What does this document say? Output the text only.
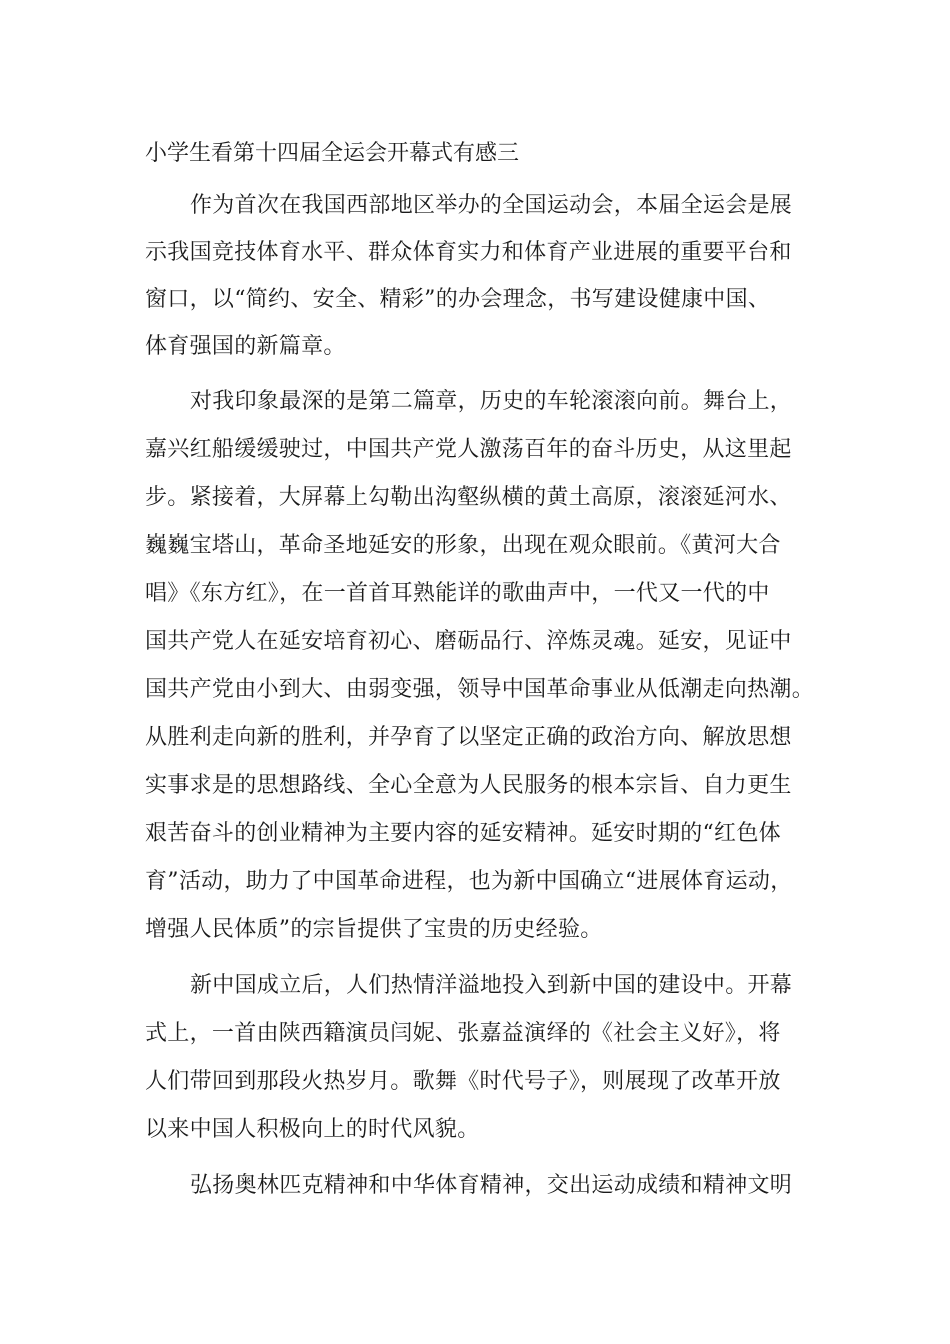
小学生看第十四届全运会开幕式有感三
作为首次在我国西部地区举办的全国运动会，本届全运会是展
示我国竞技体育水平、群众体育实力和体育产业进展的重要平台和
窗口，以“简约、安全、精彩”的办会理念，书写建设健康中国、
体育强国的新篇章。
对我印象最深的是第二篇章，历史的车轮滚滚向前。舞台上，
嘉兴红船缓缓驶过，中国共产党人激荡百年的奋斗历史，从这里起
步。紧接着，大屏幕上勾勒出沟壑纵横的黄土高原，滚滚延河水、
巍巍宝塔山，革命圣地延安的形象，出现在观众眼前。《黄河大合
唱》《东方红》，在一首首耳熟能详的歌曲声中，一代又一代的中
国共产党人在延安培育初心、磨砺品行、淬炼灵魂。延安，见证中
国共产党由小到大、由弱变强，领导中国革命事业从低潮走向热潮。
从胜利走向新的胜利，并孕育了以坚定正确的政治方向、解放思想
实事求是的思想路线、全心全意为人民服务的根本宗旨、自力更生
艰苦奋斗的创业精神为主要内容的延安精神。延安时期的“红色体
育”活动，助力了中国革命进程，也为新中国确立“进展体育运动，
增强人民体质”的宗旨提供了宝贵的历史经验。
新中国成立后，人们热情洋溢地投入到新中国的建设中。开幕
式上，一首由陕西籍演员闫妮、张嘉益演绎的《社会主义好》，将
人们带回到那段火热岁月。歌舞《时代号子》，则展现了改革开放
以来中国人积极向上的时代风貌。
弘扬奥林匹克精神和中华体育精神，交出运动成绩和精神文明
